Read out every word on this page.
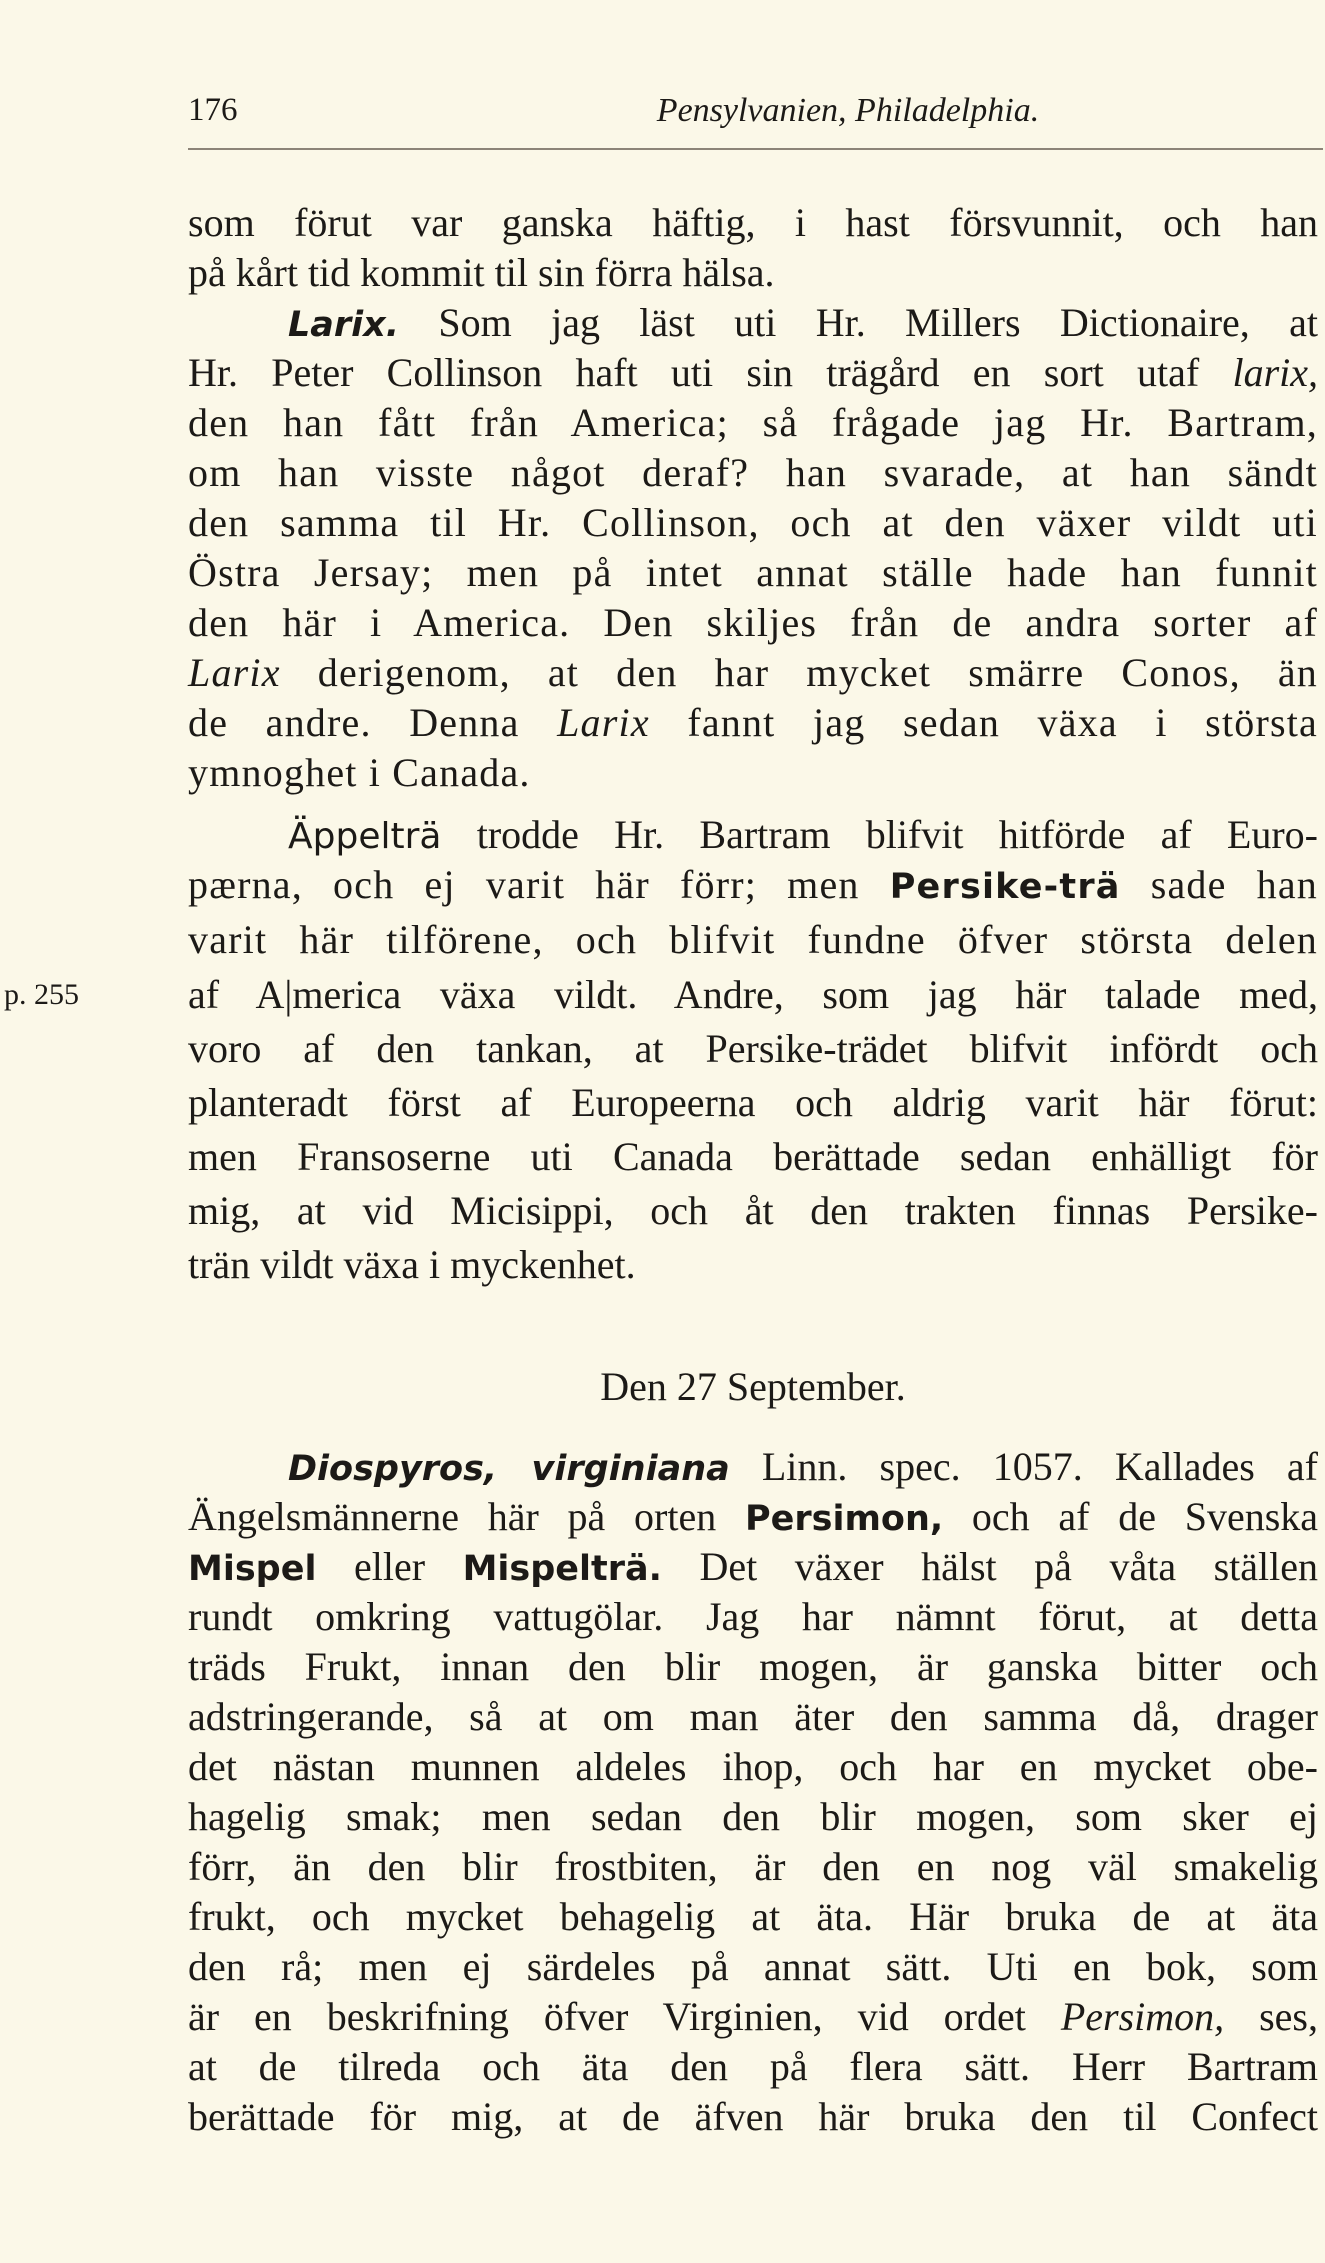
176	Pensylvanien, Philadelphia.
som förut var ganska häftig, i hast försvunnit, och han
på kårt tid kommit til sin förra hälsa.
Larix. Som jag läst uti Hr. Millers Dictionaire, at
Hr. Peter Collinson haft uti sin trägård en sort utaf larix,
den han fått från America; så frågade jag Hr. Bartram,
om han visste något deraf? han svarade, at han sändt
den samma til Hr. Collinson, och at den växer vildt uti
Östra Jersay; men på intet annat ställe hade han funnit
den här i America. Den skiljes från de andra sorter af
Larix derigenom, at den har mycket smärre Conos, än
de andre. Denna Larix fannt jag sedan växa i största
ymnoghet i Canada.
Äppelträ trodde Hr. Bartram blifvit hitförde af Euro-
pærna, och ej varit här förr; men Persike-trä sade han
varit här tilförene, och blifvit fundne öfver största delen
p. 255	af A|merica växa vildt. Andre, som jag här talade med,
voro af den tankan, at Persike-trädet blifvit infördt och
planteradt först af Europeerna och aldrig varit här förut:
men Fransoserne uti Canada berättade sedan enhälligt för
mig, at vid Micisippi, och åt den trakten finnas Persike-
trän vildt växa i myckenhet.
Den 27 September.
Diospyros, virginiana Linn. spec. 1057. Kallades af
Ängelsmännerne här på orten Persimon, och af de Svenska
Mispel eller Mispelträ. Det växer hälst på våta ställen
rundt omkring vattugölar. Jag har nämnt förut, at detta
träds Frukt, innan den blir mogen, är ganska bitter och
adstringerande, så at om man äter den samma då, drager
det nästan munnen aldeles ihop, och har en mycket obe-
hagelig smak; men sedan den blir mogen, som sker ej
förr, än den blir frostbiten, är den en nog väl smakelig
frukt, och mycket behagelig at äta. Här bruka de at äta
den rå; men ej särdeles på annat sätt. Uti en bok, som
är en beskrifning öfver Virginien, vid ordet Persimon, ses,
at de tilreda och äta den på flera sätt. Herr Bartram
berättade för mig, at de äfven här bruka den til Confect
